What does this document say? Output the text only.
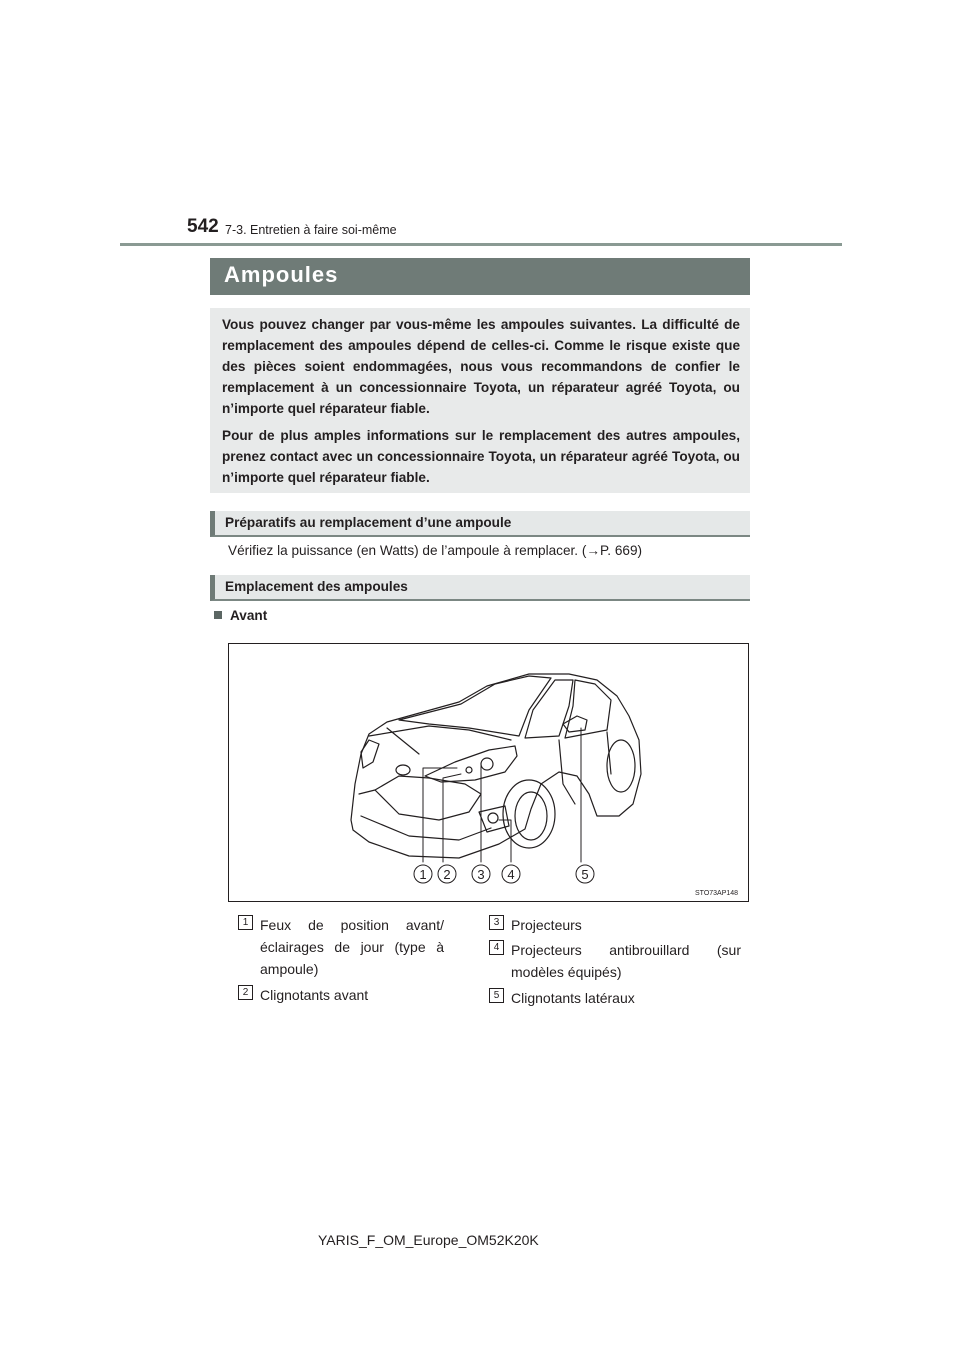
542 7-3. Entretien à faire soi-même
Ampoules

Vous pouvez changer par vous-même les ampoules suivantes. La difficulté de remplacement des ampoules dépend de celles-ci. Comme le risque existe que des pièces soient endommagées, nous vous recommandons de confier le remplacement à un concessionnaire Toyota, un réparateur agréé Toyota, ou n’importe quel réparateur fiable.

Pour de plus amples informations sur le remplacement des autres ampoules, prenez contact avec un concessionnaire Toyota, un réparateur agréé Toyota, ou n’importe quel réparateur fiable.

Préparatifs au remplacement d’une ampoule
Vérifiez la puissance (en Watts) de l’ampoule à remplacer. (→P. 669)
Emplacement des ampoules
Avant
1 2 3 4	5
STO73AP148
1 Feux de position avant/ éclairages de jour (type à ampoule)
2 Clignotants avant
3 Projecteurs
4 Projecteurs antibrouillard (sur modèles équipés)
5 Clignotants latéraux
YARIS_F_OM_Europe_OM52K20K
